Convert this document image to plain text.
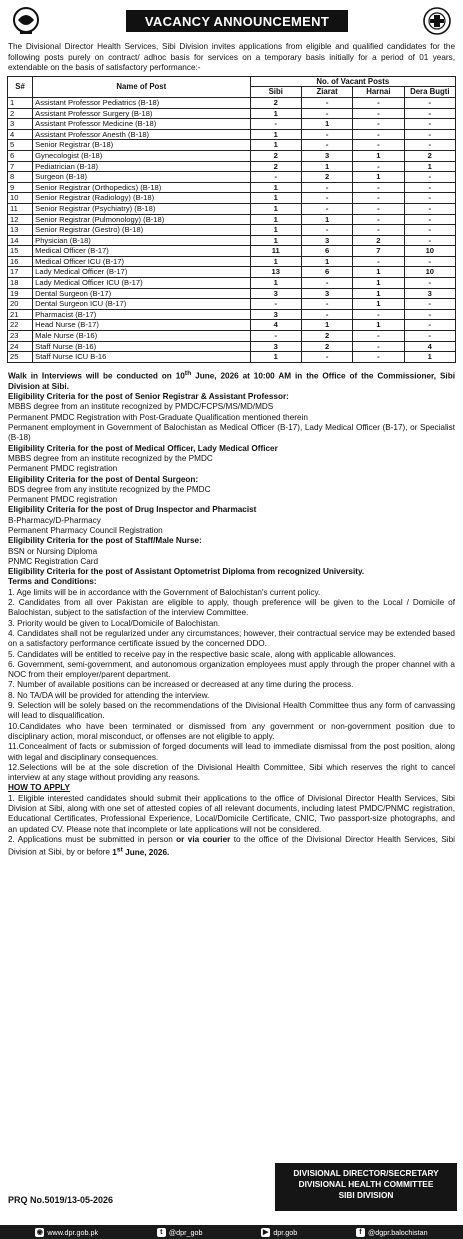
VACANCY ANNOUNCEMENT
The Divisional Director Health Services, Sibi Division invites applications from eligible and qualified candidates for the following posts purely on contract/ adhoc basis for services on a temporary basis initially for a period of 01 years, extendable on the basis of satisfactory performance:-
S#	Name of Post	No. of Vacant Posts			
		Sibi	Ziarat	Harnai	Dera Bugti
1	Assistant Professor Pediatrics (B-18)	2	-	-	-
2	Assistant Professor Surgery (B-18)	1	-	-	-
3	Assistant Professor Medicine (B-18)	-	1	-	-
4	Assistant Professor Anesth (B-18)	1	-	-	-
5	Senior Registrar (B-18)	1	-	-	-
6	Gynecologist (B-18)	2	3	1	2
7	Pediatrician (B-18)	2	1	-	1
8	Surgeon (B-18)	-	2	1	-
9	Senior Registrar (Orthopedics) (B-18)	1	-	-	-
10	Senior Registrar (Radiology) (B-18)	1	-	-	-
11	Senior Registrar (Psychiatry) (B-18)	1	-	-	-
12	Senior Registrar (Pulmonology) (B-18)	1	1	-	-
13	Senior Registrar (Gestro) (B-18)	1	-	-	-
14	Physician (B-18)	1	3	2	-
15	Medical Officer (B-17)	11	6	7	10
16	Medical Officer ICU (B-17)	1	1	-	-
17	Lady Medical Officer (B-17)	13	6	1	10
18	Lady Medical Officer ICU (B-17)	1	-	1	-
19	Dental Surgeon (B-17)	3	3	1	3
20	Dental Surgeon ICU (B-17)	-	-	1	-
21	Pharmacist (B-17)	3	-	-	-
22	Head Nurse (B-17)	4	1	1	-
23	Male Nurse (B-16)	-	2	-	-
24	Staff Nurse (B-16)	3	2	-	4
25	Staff Nurse ICU B-16	1	-	-	1

Walk in Interviews will be conducted on 10th June, 2026 at 10:00 AM in the Office of the Commissioner, Sibi Division at Sibi.

Eligibility Criteria for the post of Senior Registrar & Assistant Professor:

MBBS degree from an institute recognized by PMDC/FCPS/MS/MD/MDS

Permanent PMDC Registration with Post-Graduate Qualification mentioned therein

Permanent employment in Government of Balochistan as Medical Officer (B-17), Lady Medical Officer (B-17), or Specialist (B-18)

Eligibility Criteria for the post of Medical Officer, Lady Medical Officer

MBBS degree from an institute recognized by the PMDC

Permanent PMDC registration

Eligibility Criteria for the post of Dental Surgeon:

BDS degree from any institute recognized by the PMDC

Permanent PMDC registration

Eligibility Criteria for the post of Drug Inspector and Pharmacist

B-Pharmacy/D-Pharmacy

Permanent Pharmacy Council Registration

Eligibility Criteria for the post of Staff/Male Nurse:

BSN or Nursing Diploma

PNMC Registration Card

Eligibility Criteria for the post of Assistant Optometrist Diploma from recognized University.

Terms and Conditions:

1. Age limits will be in accordance with the Government of Balochistan's current policy.

2. Candidates from all over Pakistan are eligible to apply, though preference will be given to the Local / Domicile of Balochistan, subject to the satisfaction of the interview Committee.

3. Priority would be given to Local/Domicile of Balochistan.

4. Candidates shall not be regularized under any circumstances; however, their contractual service may be extended based on a satisfactory performance certificate issued by the concerned DDO.

5. Candidates will be entitled to receive pay in the respective basic scale, along with applicable allowances.

6. Government, semi-government, and autonomous organization employees must apply through the proper channel with a NOC from their employer/parent department.

7. Number of available positions can be increased or decreased at any time during the process.

8. No TA/DA will be provided for attending the interview.

9. Selection will be solely based on the recommendations of the Divisional Health Committee thus any form of canvassing will lead to disqualification.

10.Candidates who have been terminated or dismissed from any government or non-government position due to disciplinary action, moral misconduct, or offenses are not eligible to apply.

11.Concealment of facts or submission of forged documents will lead to immediate dismissal from the post position, along with legal and disciplinary consequences.

12.Selections will be at the sole discretion of the Divisional Health Committee, Sibi which reserves the right to cancel interview at any stage without providing any reasons.

HOW TO APPLY

1. Eligible interested candidates should submit their applications to the office of Divisional Director Health Services, Sibi Division at Sibi, along with one set of attested copies of all relevant documents, including latest PMDC/PNMC registration, Educational Certificates, Professional Experience, Local/Domicile Certificate, CNIC, Two passport-size photographs, and an updated CV. Please note that incomplete or late applications will not be considered.

2. Applications must be submitted in person or via courier to the office of the Divisional Director Health Services, Sibi Division at Sibi, by or before 1st June, 2026.

DIVISIONAL DIRECTOR/SECRETARY
DIVISIONAL HEALTH COMMITTEE
SIBI DIVISION
PRQ No.5019/13-05-2026
◉ www.dpr.gob.pk	t @dpr_gob	▶ dpr.gob	f @dgpr.balochistan
